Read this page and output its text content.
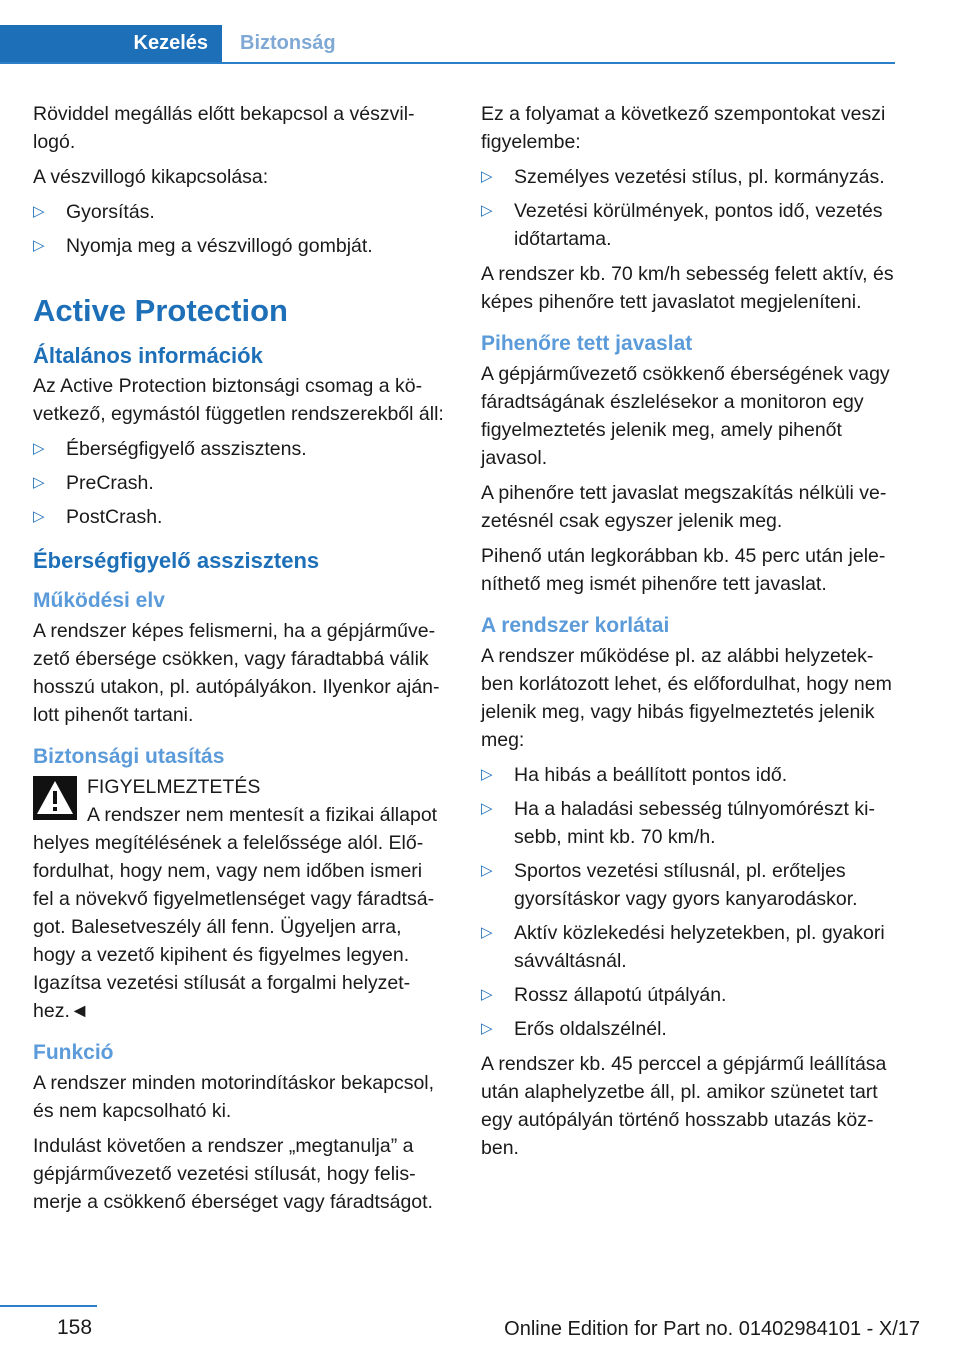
Kezelés	Biztonság

Röviddel megállás előtt bekapcsol a vészvillogó.

A vészvillogó kikapcsolása:

▷ Gyorsítás.
▷ Nyomja meg a vészvillogó gombját.
Active Protection
Általános információk

Az Active Protection biztonsági csomag a következő, egymástól független rendszerekből áll:

▷ Éberségfigyelő asszisztens.
▷ PreCrash.
▷ PostCrash.
Éberségfigyelő asszisztens
Működési elv

A rendszer képes felismerni, ha a gépjárművezető ébersége csökken, vagy fáradtabbá válik hosszú utakon, pl. autópályákon. Ilyenkor ajánlott pihenőt tartani.

Biztonsági utasítás
FIGYELMEZTETÉS
A rendszer nem mentesít a fizikai állapot helyes megítélésének a felelőssége alól. Előfordulhat, hogy nem, vagy nem időben ismeri fel a növekvő figyelmetlenséget vagy fáradtságot. Balesetveszély áll fenn. Ügyeljen arra, hogy a vezető kipihent és figyelmes legyen. Igazítsa vezetési stílusát a forgalmi helyzethez.◄
Funkció

A rendszer minden motorindításkor bekapcsol, és nem kapcsolható ki.

Indulást követően a rendszer „megtanulja” a gépjárművezető vezetési stílusát, hogy felismerje a csökkenő éberséget vagy fáradtságot.

Ez a folyamat a következő szempontokat veszi figyelembe:

▷ Személyes vezetési stílus, pl. kormányzás.
▷ Vezetési körülmények, pontos idő, vezetés időtartama.

A rendszer kb. 70 km/h sebesség felett aktív, és képes pihenőre tett javaslatot megjeleníteni.

Pihenőre tett javaslat

A gépjárművezető csökkenő éberségének vagy fáradtságának észlelésekor a monitoron egy figyelmeztetés jelenik meg, amely pihenőt javasol.

A pihenőre tett javaslat megszakítás nélküli vezetésnél csak egyszer jelenik meg.

Pihenő után legkorábban kb. 45 perc után jeleníthető meg ismét pihenőre tett javaslat.

A rendszer korlátai

A rendszer működése pl. az alábbi helyzetekben korlátozott lehet, és előfordulhat, hogy nem jelenik meg, vagy hibás figyelmeztetés jelenik meg:

▷ Ha hibás a beállított pontos idő.
▷ Ha a haladási sebesség túlnyomórészt kisebb, mint kb. 70 km/h.
▷ Sportos vezetési stílusnál, pl. erőteljes gyorsításkor vagy gyors kanyarodáskor.
▷ Aktív közlekedési helyzetekben, pl. gyakori sávváltásnál.
▷ Rossz állapotú útpályán.
▷ Erős oldalszélnél.

A rendszer kb. 45 perccel a gépjármű leállítása után alaphelyzetbe áll, pl. amikor szünetet tart egy autópályán történő hosszabb utazás közben.

158	Online Edition for Part no. 01402984101 - X/17
